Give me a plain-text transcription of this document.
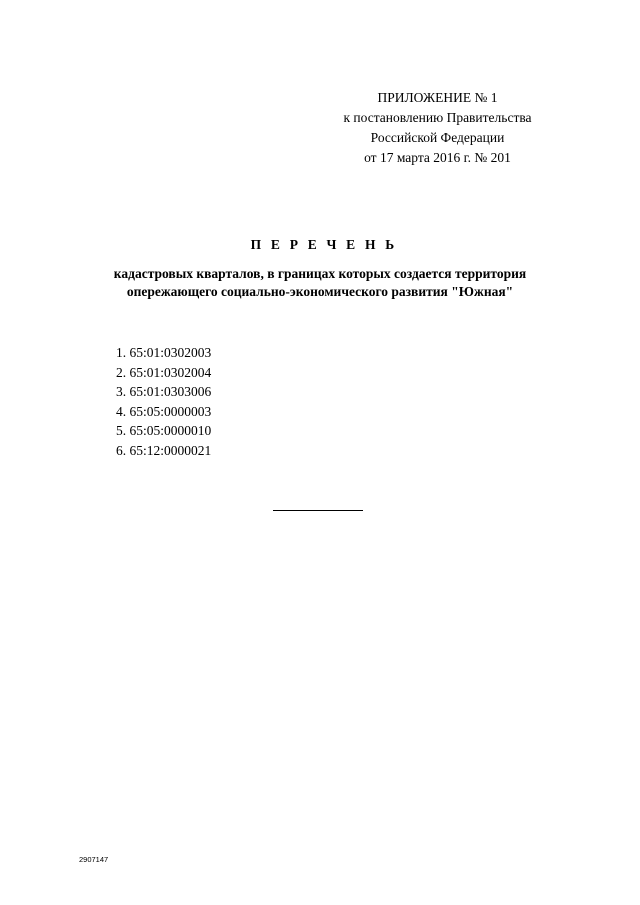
ПРИЛОЖЕНИЕ № 1
к постановлению Правительства
Российской Федерации
от 17 марта 2016 г. № 201
П Е Р Е Ч Е Н Ь
кадастровых кварталов, в границах которых создается территория
опережающего социально-экономического развития "Южная"
1. 65:01:0302003
2. 65:01:0302004
3. 65:01:0303006
4. 65:05:0000003
5. 65:05:0000010
6. 65:12:0000021
2907147
